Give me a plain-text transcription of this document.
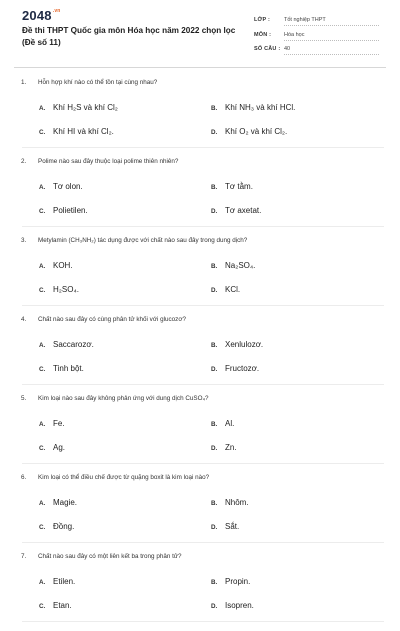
$2048^{.vn}$
Đề thi THPT Quốc gia môn Hóa học năm 2022 chọn lọc (Đề số 11)
LỚP :	Tốt nghiệp THPT
MÔN : Hóa học
SỐ CÂU : 40
1. Hỗn hợp khí nào có thể tồn tại cùng nhau?
A. Khí H₂S và khí Cl₂	B. Khí NH₃ và khí HCl.
C. Khí HI và khí Cl₂.	D. Khí O₂ và khí Cl₂.
2. Polime nào sau đây thuộc loại polime thiên nhiên?
A. Tơ olon.	B. Tơ tằm.
C. Polietilen.	D. Tơ axetat.
3. Metylamin (CH₃NH₂) tác dụng được với chất nào sau đây trong dung dịch?
A. KOH.	B. Na₂SO₄.
C. H₂SO₄.	D. KCl.
4. Chất nào sau đây có cùng phân tử khối với glucozơ?
A. Saccarozơ.	B. Xenlulozơ.
C. Tinh bột.	D. Fructozơ.
5. Kim loại nào sau đây không phản ứng với dung dịch CuSO₄?
A. Fe.	B. Al.
C. Ag.	D. Zn.
6. Kim loại có thể điều chế được từ quặng boxit là kim loại nào?
A. Magie.	B. Nhôm.
C. Đồng.	D. Sắt.
7. Chất nào sau đây có một liên kết ba trong phân tử?
A. Etilen.	B. Propin.
C. Etan.	D. Isopren.
